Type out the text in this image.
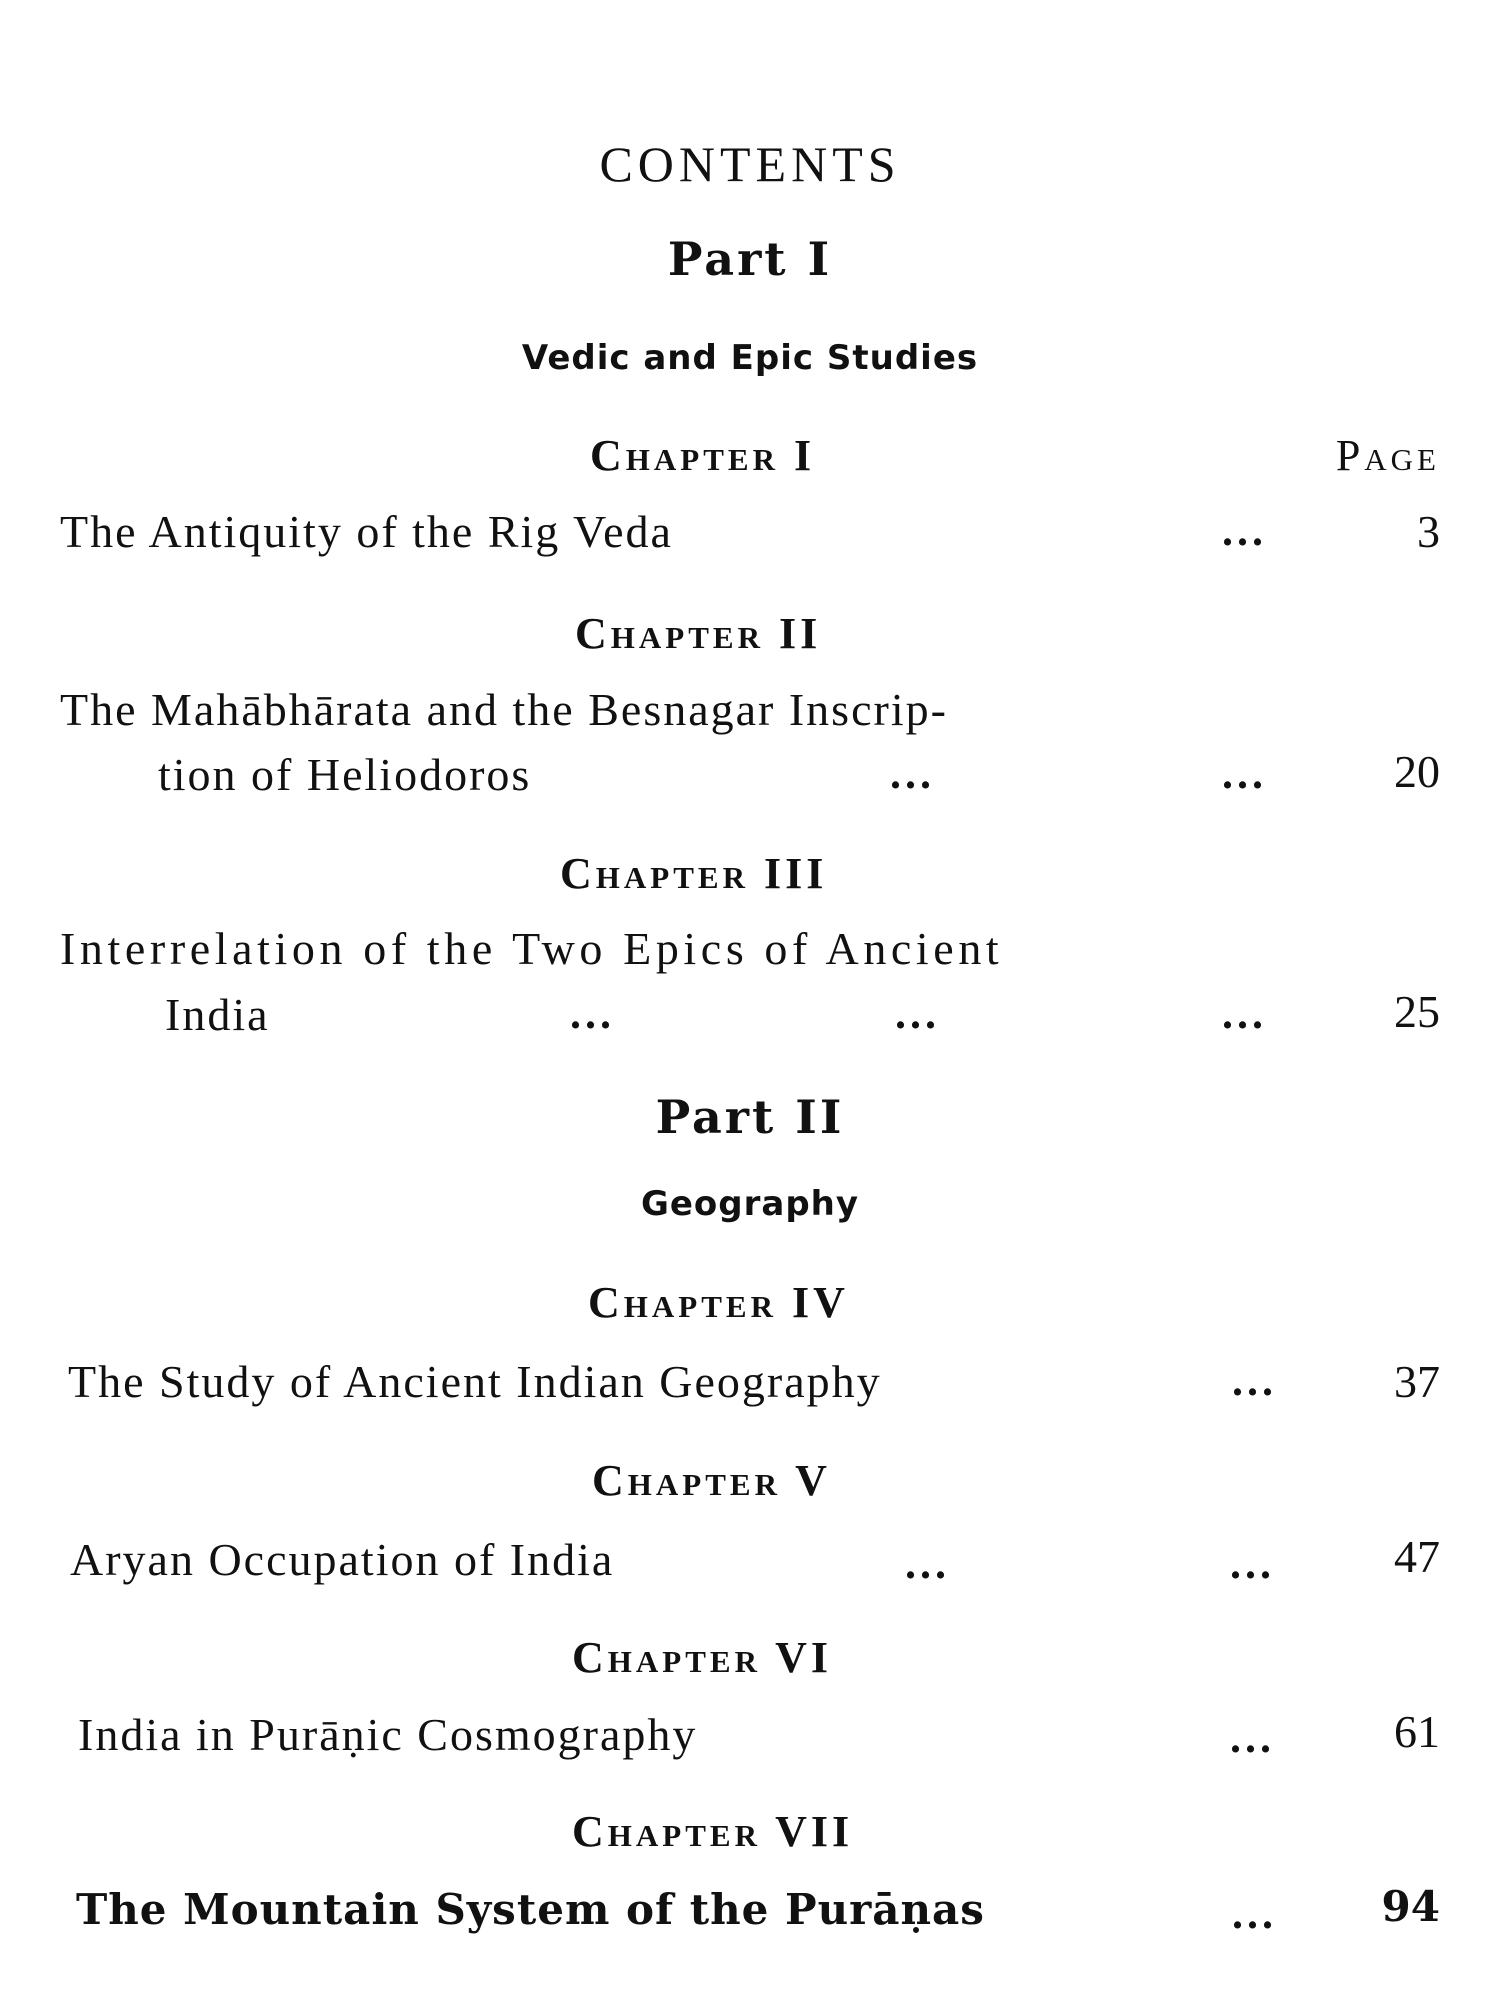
CONTENTS
Part I
Vedic and Epic Studies
Chapter I	Page
The Antiquity of the Rig Veda	...	3
Chapter II
The Mahābhārata and the Besnagar Inscrip-
tion of Heliodoros	...	...	20
Chapter III
Interrelation of the Two Epics of Ancient
India	...	...	...	25
Part II
Geography
Chapter IV
The Study of Ancient Indian Geography	...	37
Chapter V
Aryan Occupation of India	...	...	47
Chapter VI
India in Purāṇic Cosmography	...	61
Chapter VII
The Mountain System of the Purāṇas	...	94
